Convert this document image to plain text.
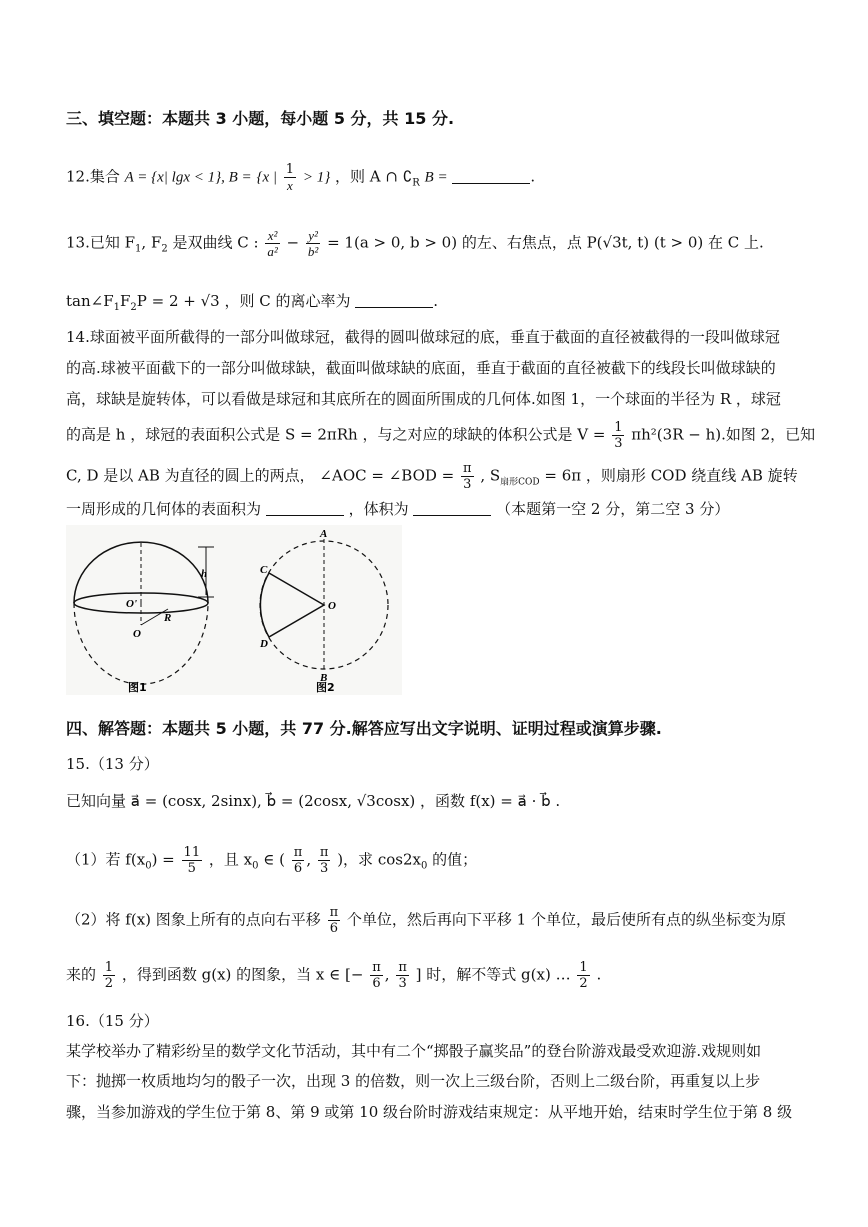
三、填空题：本题共 3 小题，每小题 5 分，共 15 分.
12.集合 A = {x| lgx < 1}, B = {x | $\frac{1}{x} > 1$} ，则 A ∩ $∁_R$ B =	.
13.已知 $F_1$, $F_2$ 是双曲线 C : $\frac{\text{x²}}{\text{a²}} - \frac{\text{y²}}{\text{b²}} = 1(a > 0$, b > 0) 的左、右焦点，点 P(√3t, t) (t > 0) 在 C 上.
$\tan\angle F_1F_2P = 2 + √3$ ，则 C 的离心率为	.
14.球面被平面所截得的一部分叫做球冠，截得的圆叫做球冠的底，垂直于截面的直径被截得的一段叫做球冠
的高.球被平面截下的一部分叫做球缺，截面叫做球缺的底面，垂直于截面的直径被截下的线段长叫做球缺的
高，球缺是旋转体，可以看做是球冠和其底所在的圆面所围成的几何体.如图 1，一个球面的半径为 R ，球冠
的高是 h ，球冠的表面积公式是 S = 2πRh ，与之对应的球缺的体积公式是 $V = \frac{1}{3} \pi h^2(3R - h)$.如图 2，已知
C, D 是以 AB 为直径的圆上的两点， ∠AOC = ∠BOD = $\frac{\pi}{3}$ , $S_{扇形COD} = 6\pi$ ，则扇形 COD 绕直线 AB 旋转
一周形成的几何体的表面积为	，体积为	（本题第一空 2 分，第二空 3 分）
h
O'
R
O
图1
A
B
C
D
O
图2
四、解答题：本题共 5 小题，共 77 分.解答应写出文字说明、证明过程或演算步骤.
15.（13 分）
已知向量 a⃗ = (cosx, 2sinx), b⃗ = (2cosx, √3cosx) ，函数 f(x) = a⃗ · b⃗ .
（1）若 $f(x_0) = \frac{11}{5}$ ，且 $x_0$ ∈ ( $\frac{\pi}{6}$ , $\frac{\pi}{3}$ )，求 $\cos 2x_0$ 的值；
（2）将 f(x) 图象上所有的点向右平移 $\frac{\pi}{6}$ 个单位，然后再向下平移 1 个单位，最后使所有点的纵坐标变为原
来的 $\frac{1}{2}$ ，得到函数 g(x) 的图象，当 x ∈ [− $\frac{\pi}{6}$ , $\frac{\pi}{3}$ ] 时，解不等式 g(x) … $\frac{1}{2}$ .
16.（15 分）
某学校举办了精彩纷呈的数学文化节活动，其中有二个“掷骰子赢奖品”的登台阶游戏最受欢迎游.戏规则如
下：抛掷一枚质地均匀的骰子一次，出现 3 的倍数，则一次上三级台阶，否则上二级台阶，再重复以上步
骤，当参加游戏的学生位于第 8、第 9 或第 10 级台阶时游戏结束规定：从平地开始，结束时学生位于第 8 级
